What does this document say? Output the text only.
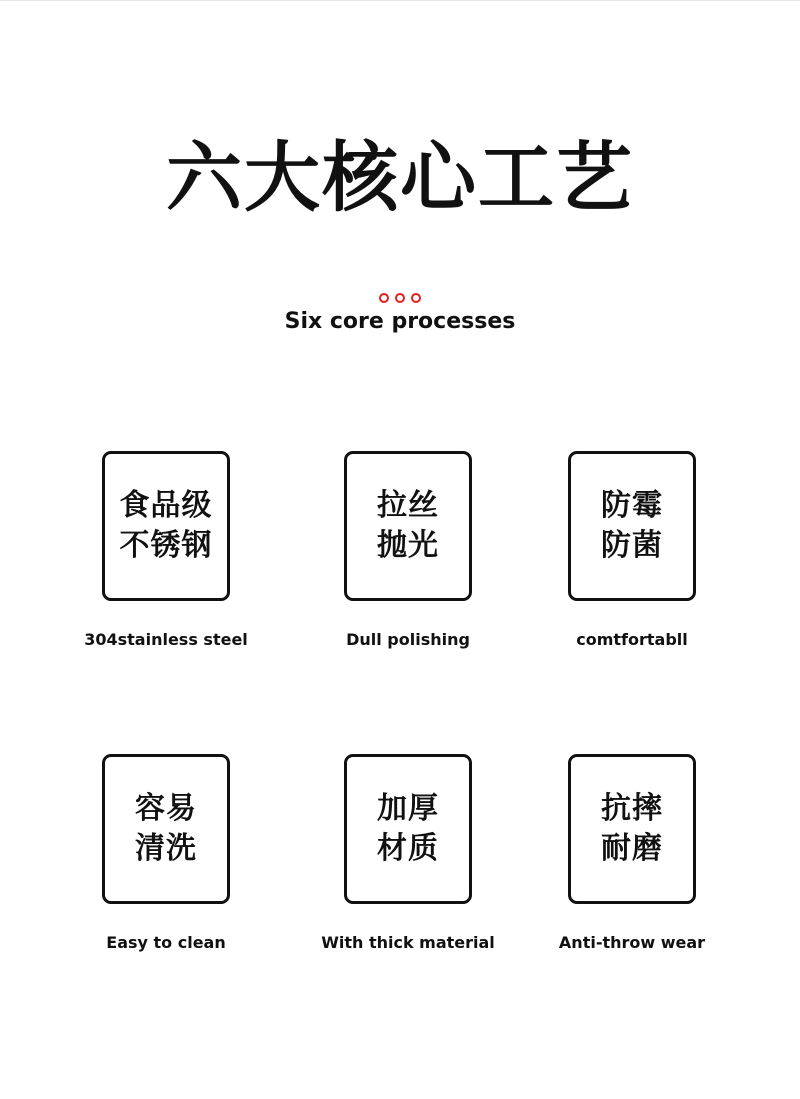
六大核心工艺
Six core processes
食品级
不锈钢
304stainless steel
拉丝
抛光
Dull polishing
防霉
防菌
comtfortabll
容易
清洗
Easy to clean
加厚
材质
With thick material
抗摔
耐磨
Anti-throw wear
